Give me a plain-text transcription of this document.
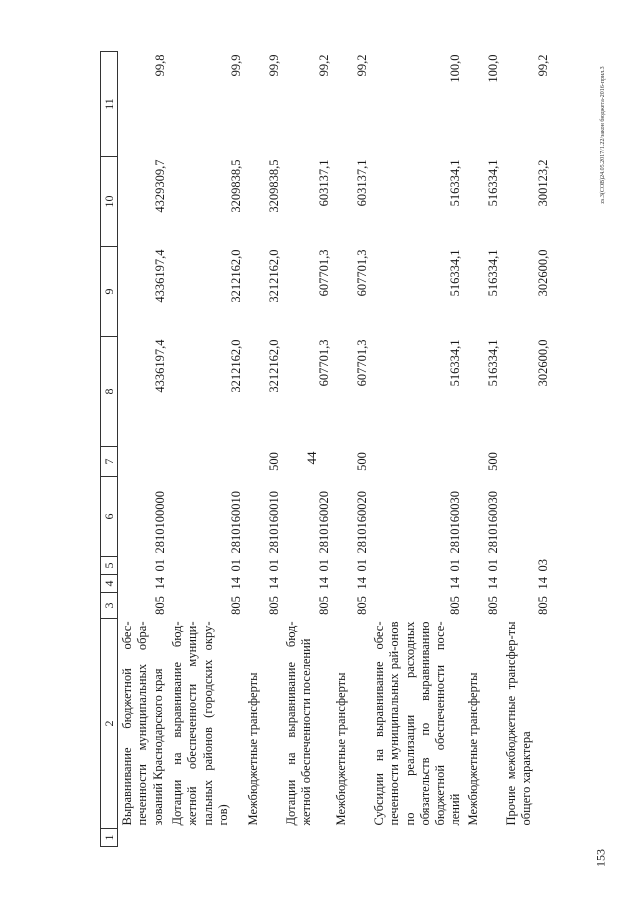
44
153
zs.3(СОВ)24.05.2017/1.22/закон бюджета-2016-прил.3
1	2	3	4	5	6	7	8	9	10	11
	Выравнивание бюджетной обес-печенности муниципальных обра-зований Краснодарского края	805	14	01	2810100000		4336197,4	4336197,4	4329309,7	99,8
	Дотации на выравнивание бюд-жетной обеспеченности муници-пальных районов (городских окру-гов)	805	14	01	2810160010		3212162,0	3212162,0	3209838,5	99,9
	Межбюджетные трансферты	805	14	01	2810160010	500	3212162,0	3212162,0	3209838,5	99,9
	Дотации на выравнивание бюд-жетной обеспеченности поселений	805	14	01	2810160020		607701,3	607701,3	603137,1	99,2
	Межбюджетные трансферты	805	14	01	2810160020	500	607701,3	607701,3	603137,1	99,2
	Субсидии на выравнивание обес-печенности муниципальных рай-онов по реализации расходных обязательств по выравниванию бюджетной обеспеченности посе-лений	805	14	01	2810160030		516334,1	516334,1	516334,1	100,0
	Межбюджетные трансферты	805	14	01	2810160030	500	516334,1	516334,1	516334,1	100,0
	Прочие межбюджетные трансфер-ты общего характера	805	14	03			302600,0	302600,0	300123,2	99,2
